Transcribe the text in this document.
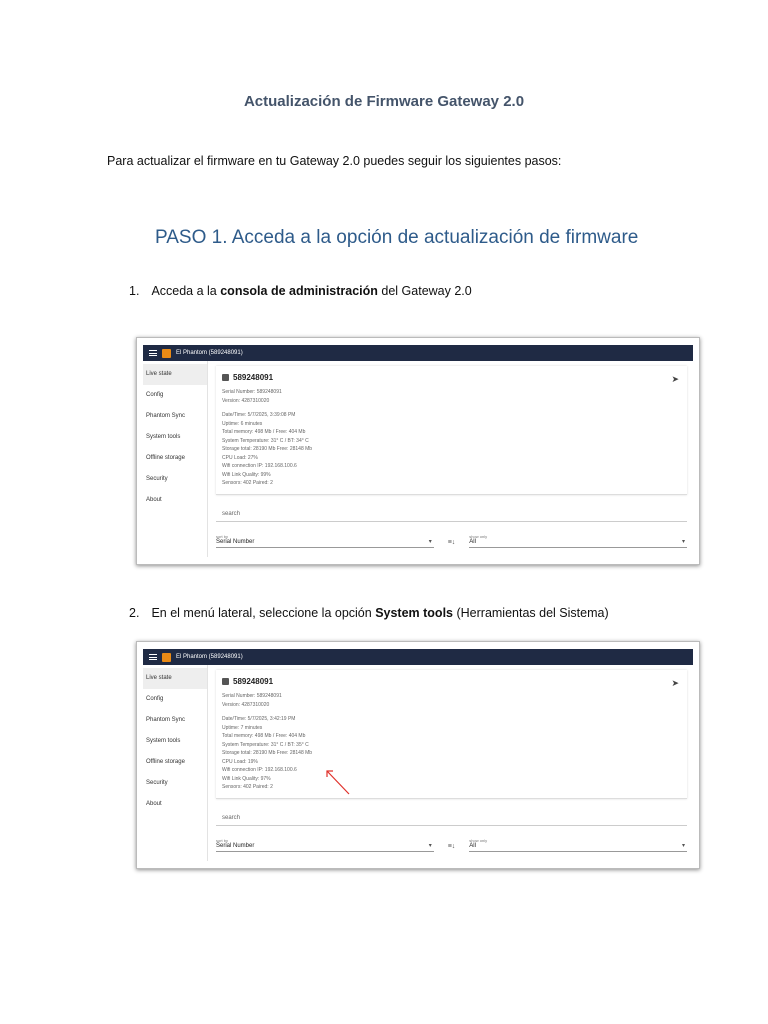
Actualización de Firmware Gateway 2.0
Para actualizar el firmware en tu Gateway 2.0 puedes seguir los siguientes pasos:
PASO 1. Acceda a la opción de actualización de firmware
1. Acceda a la consola de administración del Gateway 2.0
El Phantom (589248091)
Live state
Config
Phantom Sync
System tools
Offline storage
Security
About
589248091	➤
Serial Number: 589248091
Version: 4287310020
Date/Time: 5/7/2025, 3:39:08 PM
Uptime: 6 minutes
Total memory: 498 Mb / Free: 404 Mb
System Temperature: 31° C / BT: 34° C
Storage total: 28190 Mb Free: 28148 Mb
CPU Load: 27%
Wifi connection IP: 192.168.100.6
Wifi Link Quality: 99%
Sensors: 402 Paired: 2
search
sort by
Serial Number	▾ ≡↓
show only
All	▾
2. En el menú lateral, seleccione la opción System tools (Herramientas del Sistema)
El Phantom (589248091)
Live state
Config
Phantom Sync
System tools
Offline storage
Security
About
589248091	➤
Serial Number: 589248091
Version: 4287310020
Date/Time: 5/7/2025, 3:42:19 PM
Uptime: 7 minutes
Total memory: 498 Mb / Free: 404 Mb
System Temperature: 31° C / BT: 35° C
Storage total: 28190 Mb Free: 28148 Mb
CPU Load: 19%
Wifi connection IP: 192.168.100.6
Wifi Link Quality: 97%
Sensors: 402 Paired: 2
search
sort by
Serial Number	▾ ≡↓
show only
All	▾
